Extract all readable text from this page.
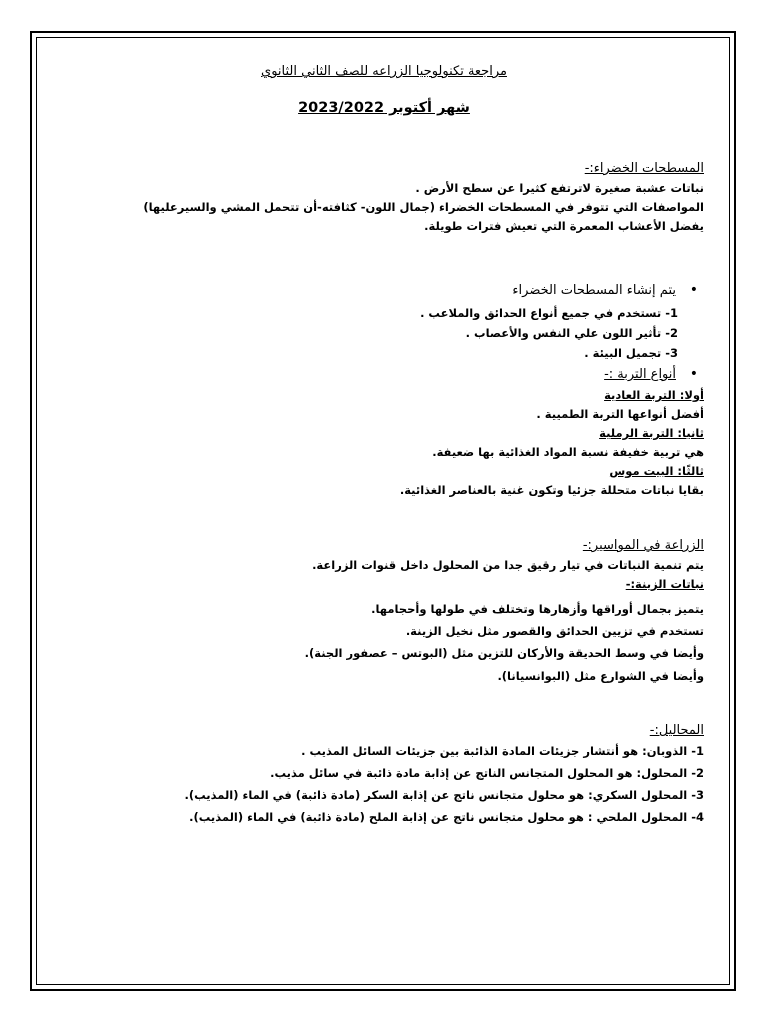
مراجعة تكنولوجيا الزراعه للصف الثاني الثانوي
شهر أكتوبر 2023/2022
المسطحات الخضراء:-
نباتات عشبة صغيرة لاترتفع كثيرا عن سطح الأرض .
المواصفات التي تتوفر في المسطحات الخضراء (جمال اللون- كثافته-أن تتحمل المشي والسيرعليها)
يفضل الأعشاب المعمرة التي تعيش فترات طويلة.
• يتم إنشاء المسطحات الخضراء
1- تستخدم في جميع أنواع الحدائق والملاعب .
2- تأثير اللون علي النفس والأعصاب .
3- تجميل البيئة .
• أنواع التربة :-
أولا: التربة العادية
أفضل أنواعها التربة الطميية .
ثانيا: التربة الرملية
هي تربية خفيفة نسبة المواد الغذائية بها ضعيفة.
ثالثًا: البيت موس
بقايا نباتات متحللة جزئيا وتكون غنية بالعناصر الغذائية.
الزراعة في المواسير:-
يتم تنمية النباتات في تيار رقيق جدا من المحلول داخل قنوات الزراعة.
نباتات الزينة:-
يتميز بجمال أوراقها وأزهارها وتختلف في طولها وأحجامها.
تستخدم في تزيين الحدائق والقصور مثل نخيل الزينة.
وأيضا في وسط الحديقة والأركان للتزين مثل (البوتس – عصفور الجنة).
وأيضا في الشوارع مثل (البوانسيانا).
المحاليل:-
1- الذوبان: هو أنتشار جزيئات المادة الذائبة بين جزيئات السائل المذيب .
2- المحلول: هو المحلول المتجانس الناتج عن إذابة مادة ذائبة في سائل مذيب.
3- المحلول السكري: هو محلول متجانس ناتج عن إذابة السكر (مادة ذائبة) في الماء (المذيب).
4- المحلول الملحي : هو محلول متجانس ناتج عن إذابة الملح (مادة ذائبة) في الماء (المذيب).
